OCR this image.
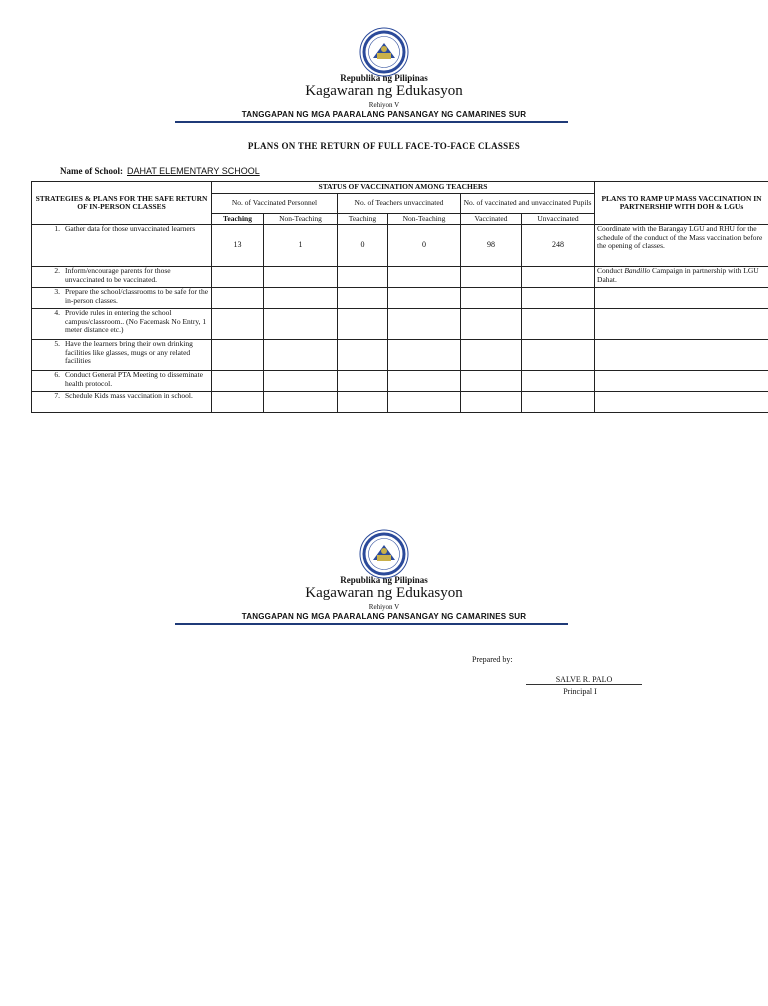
Republika ng Pilipinas
Kagawaran ng Edukasyon
Rehiyon V
TANGGAPAN NG MGA PAARALANG PANSANGAY NG CAMARINES SUR
PLANS ON THE RETURN OF FULL FACE-TO-FACE CLASSES
Name of School: DAHAT ELEMENTARY SCHOOL
STRATEGIES & PLANS FOR THE SAFE RETURN OF IN-PERSON CLASSES	STATUS OF VACCINATION AMONG TEACHERS						PLANS TO RAMP UP MASS VACCINATION IN PARTNERSHIP WITH DOH & LGUs
	No. of Vaccinated Personnel		No. of Teachers unvaccinated		No. of vaccinated and unvaccinated Pupils		
	Teaching	Non-Teaching	Teaching	Non-Teaching	Vaccinated	Unvaccinated	

1. Gather data for those unvaccinated learners	13	1	0	0	98	248	Coordinate with the Barangay LGU and RHU for the schedule of the conduct of the Mass vaccination before the opening of classes.

2. Inform/encourage parents for those unvaccinated to be vaccinated.							Conduct Bandillo Campaign in partnership with LGU Dahat.

3. Prepare the school/classrooms to be safe for the in-person classes.							

4. Provide rules in entering the school campus/classroom.. (No Facemask No Entry, 1 meter distance etc.)							

5. Have the learners bring their own drinking facilities like glasses, mugs or any related facilities							

6. Conduct General PTA Meeting to disseminate health protocol.							

7. Schedule Kids mass vaccination in school.							

Republika ng Pilipinas
Kagawaran ng Edukasyon
Rehiyon V
TANGGAPAN NG MGA PAARALANG PANSANGAY NG CAMARINES SUR
Prepared by:
SALVE R. PALO
Principal I
